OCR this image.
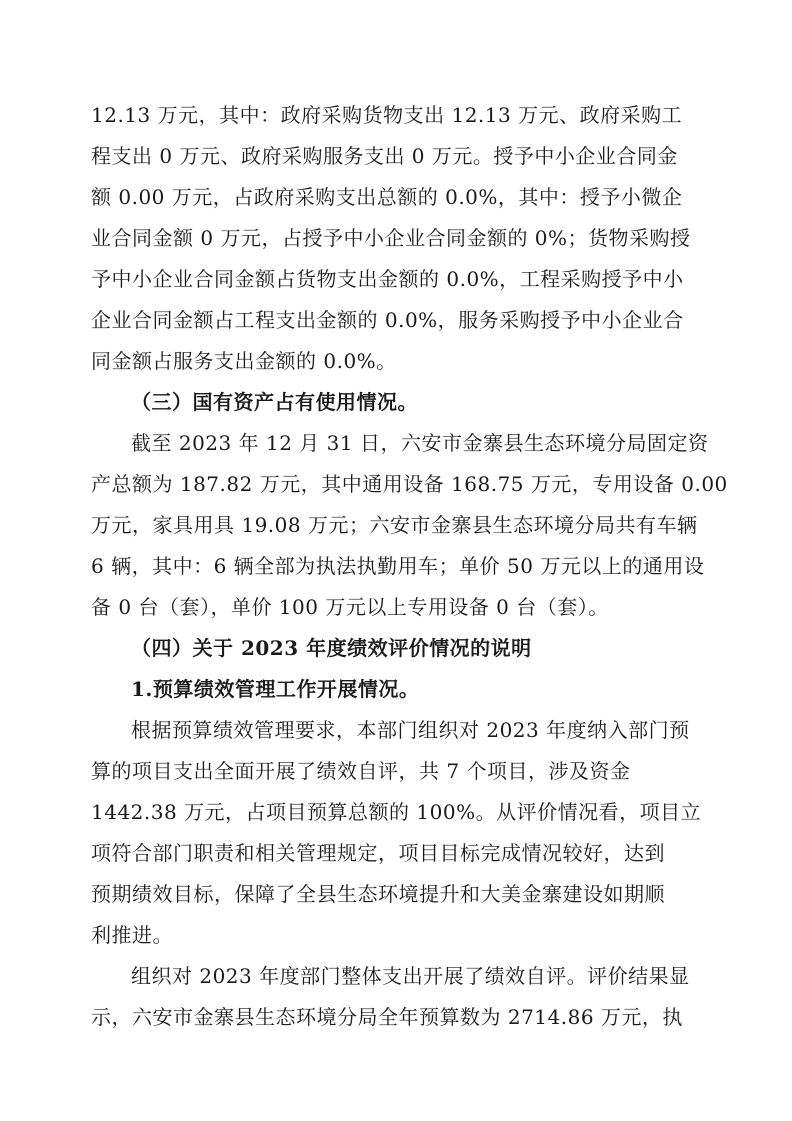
12.13 万元，其中：政府采购货物支出 12.13 万元、政府采购工
程支出 0 万元、政府采购服务支出 0 万元。授予中小企业合同金
额 0.00 万元，占政府采购支出总额的 0.0%，其中：授予小微企
业合同金额 0 万元，占授予中小企业合同金额的 0%；货物采购授
予中小企业合同金额占货物支出金额的 0.0%，工程采购授予中小
企业合同金额占工程支出金额的 0.0%，服务采购授予中小企业合
同金额占服务支出金额的 0.0%。
（三）国有资产占有使用情况。
截至 2023 年 12 月 31 日，六安市金寨县生态环境分局固定资
产总额为 187.82 万元，其中通用设备 168.75 万元，专用设备 0.00
万元，家具用具 19.08 万元；六安市金寨县生态环境分局共有车辆
6 辆，其中：6 辆全部为执法执勤用车；单价 50 万元以上的通用设
备 0 台（套），单价 100 万元以上专用设备 0 台（套）。
（四）关于 2023 年度绩效评价情况的说明
1.预算绩效管理工作开展情况。
根据预算绩效管理要求，本部门组织对 2023 年度纳入部门预
算的项目支出全面开展了绩效自评，共 7 个项目，涉及资金
1442.38 万元，占项目预算总额的 100%。从评价情况看，项目立
项符合部门职责和相关管理规定，项目目标完成情况较好，达到
预期绩效目标，保障了全县生态环境提升和大美金寨建设如期顺
利推进。
组织对 2023 年度部门整体支出开展了绩效自评。评价结果显
示，六安市金寨县生态环境分局全年预算数为 2714.86 万元，执
